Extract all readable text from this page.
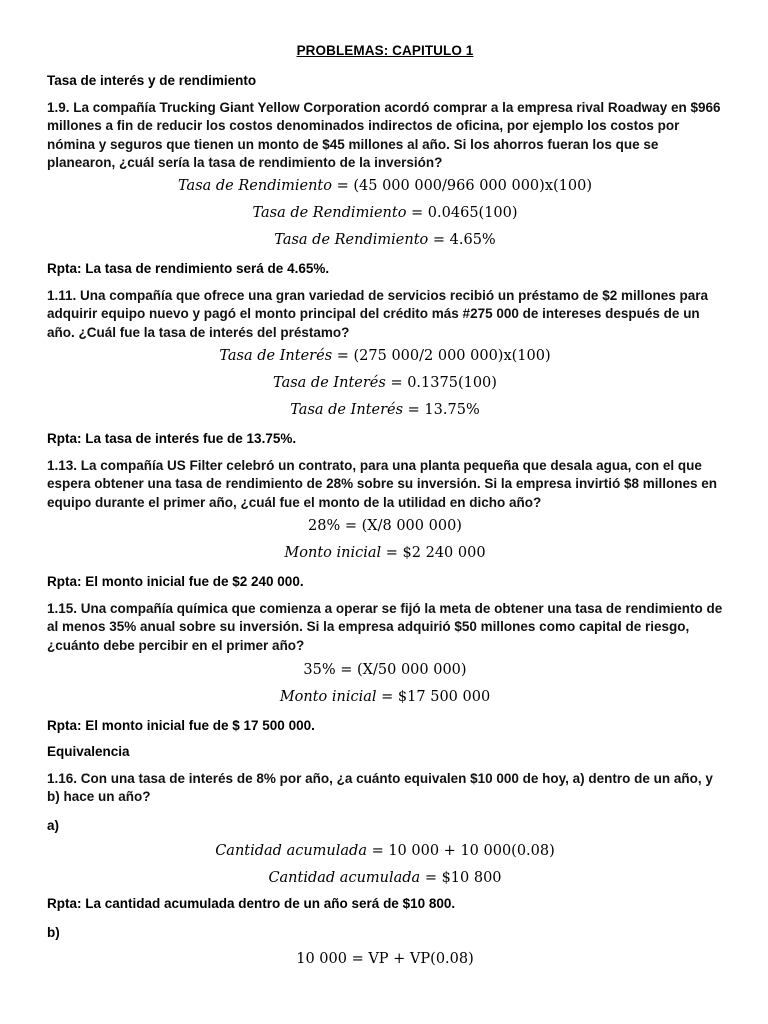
PROBLEMAS: CAPITULO 1
Tasa de interés y de rendimiento
1.9. La compañía Trucking Giant Yellow Corporation acordó comprar a la empresa rival Roadway en $966 millones a fin de reducir los costos denominados indirectos de oficina, por ejemplo los costos por nómina y seguros que tienen un monto de $45 millones al año. Si los ahorros fueran los que se planearon, ¿cuál sería la tasa de rendimiento de la inversión?
Tasa de Rendimiento = (45 000 000/966 000 000)x(100)
Tasa de Rendimiento = 0.0465(100)
Tasa de Rendimiento = 4.65%
Rpta: La tasa de rendimiento será de 4.65%.
1.11. Una compañía que ofrece una gran variedad de servicios recibió un préstamo de $2 millones para adquirir equipo nuevo y pagó el monto principal del crédito más #275 000 de intereses después de un año. ¿Cuál fue la tasa de interés del préstamo?
Tasa de Interés = (275 000/2 000 000)x(100)
Tasa de Interés = 0.1375(100)
Tasa de Interés = 13.75%
Rpta: La tasa de interés fue de 13.75%.
1.13. La compañía US Filter celebró un contrato, para una planta pequeña que desala agua, con el que espera obtener una tasa de rendimiento de 28% sobre su inversión. Si la empresa invirtió $8 millones en equipo durante el primer año, ¿cuál fue el monto de la utilidad en dicho año?
28% = (X/8 000 000)
Monto inicial = $2 240 000
Rpta: El monto inicial fue de $2 240 000.
1.15. Una compañía química que comienza a operar se fijó la meta de obtener una tasa de rendimiento de al menos 35% anual sobre su inversión. Si la empresa adquirió $50 millones como capital de riesgo, ¿cuánto debe percibir en el primer año?
35% = (X/50 000 000)
Monto inicial = $17 500 000
Rpta: El monto inicial fue de $ 17 500 000.
Equivalencia
1.16. Con una tasa de interés de 8% por año, ¿a cuánto equivalen $10 000 de hoy, a) dentro de un año, y b) hace un año?
a)
Cantidad acumulada = 10 000 + 10 000(0.08)
Cantidad acumulada = $10 800
Rpta: La cantidad acumulada dentro de un año será de $10 800.
b)
10 000 = VP + VP(0.08)
